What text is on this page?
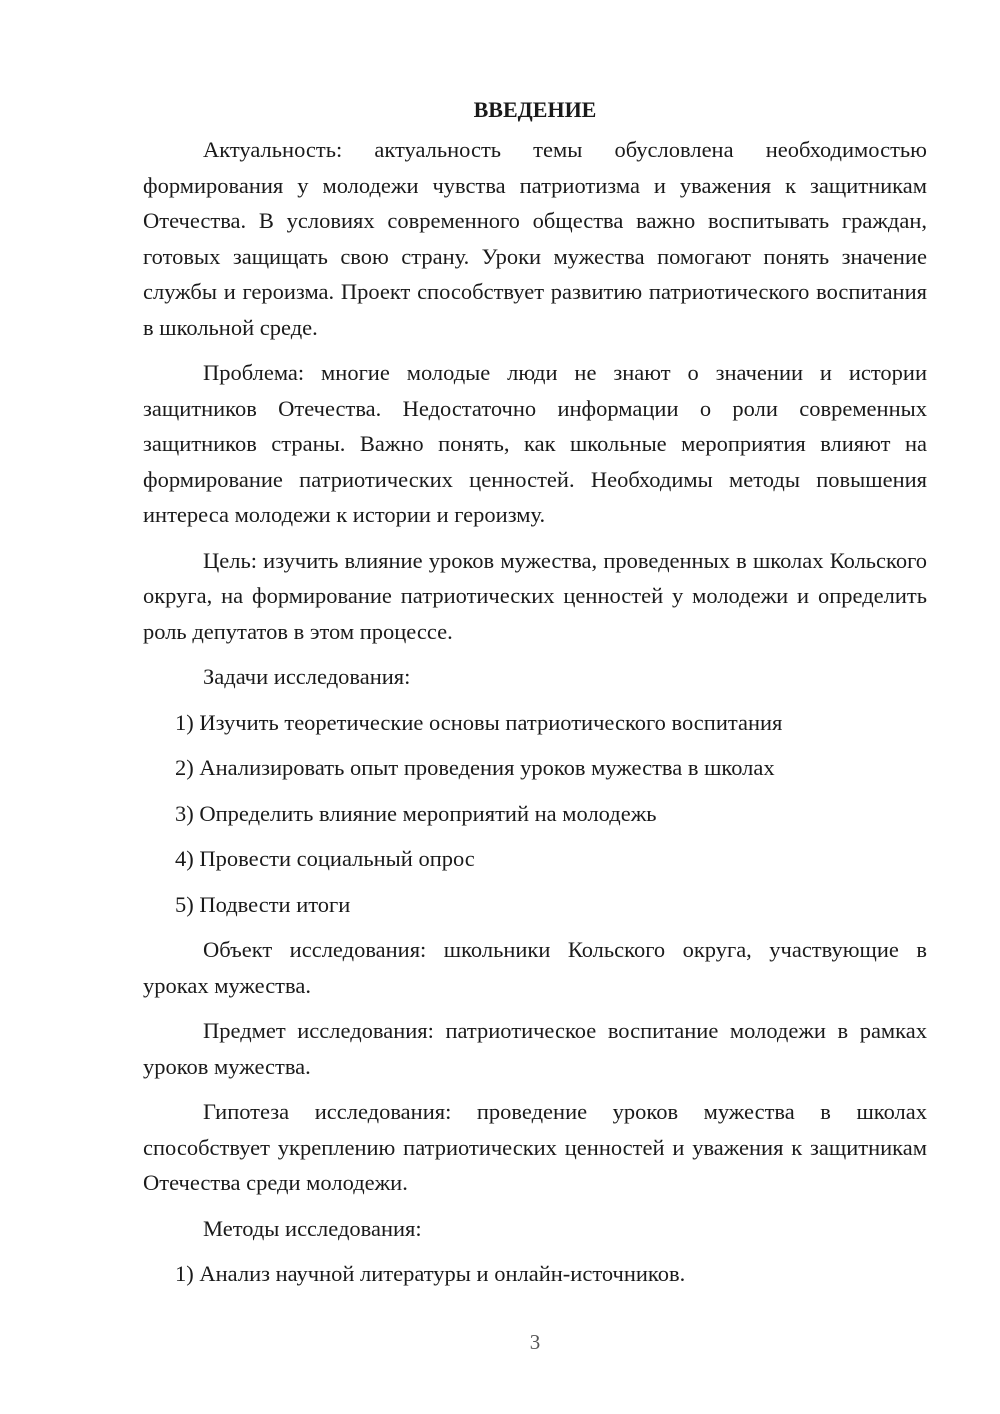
ВВЕДЕНИЕ

Актуальность: актуальность темы обусловлена необходимостью формирования у молодежи чувства патриотизма и уважения к защитникам Отечества. В условиях современного общества важно воспитывать граждан, готовых защищать свою страну. Уроки мужества помогают понять значение службы и героизма. Проект способствует развитию патриотического воспитания в школьной среде.

Проблема: многие молодые люди не знают о значении и истории защитников Отечества. Недостаточно информации о роли современных защитников страны. Важно понять, как школьные мероприятия влияют на формирование патриотических ценностей. Необходимы методы повышения интереса молодежи к истории и героизму.

Цель: изучить влияние уроков мужества, проведенных в школах Кольского округа, на формирование патриотических ценностей у молодежи и определить роль депутатов в этом процессе.

Задачи исследования:

1) Изучить теоретические основы патриотического воспитания
2) Анализировать опыт проведения уроков мужества в школах
3) Определить влияние мероприятий на молодежь
4) Провести социальный опрос
5) Подвести итоги

Объект исследования: школьники Кольского округа, участвующие в уроках мужества.

Предмет исследования: патриотическое воспитание молодежи в рамках уроков мужества.

Гипотеза исследования: проведение уроков мужества в школах способствует укреплению патриотических ценностей и уважения к защитникам Отечества среди молодежи.

Методы исследования:

1) Анализ научной литературы и онлайн-источников.
3
